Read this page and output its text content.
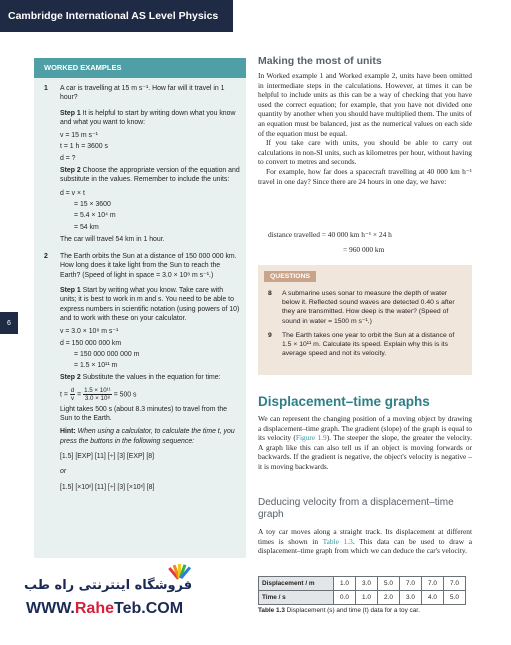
Cambridge International AS Level Physics
6
WORKED EXAMPLES
1 A car is travelling at 15 m s⁻¹. How far will it travel in 1 hour?
Step 1 It is helpful to start by writing down what you know and what you want to know:
v = 15 m s⁻¹
t = 1 h = 3600 s
d = ?
Step 2 Choose the appropriate version of the equation and substitute in the values. Remember to include the units:
d = v × t
= 15 × 3600
= 5.4 × 10⁴ m
= 54 km
The car will travel 54 km in 1 hour.
2 The Earth orbits the Sun at a distance of 150 000 000 km. How long does it take light from the Sun to reach the Earth? (Speed of light in space = 3.0 × 10⁸ m s⁻¹.)
Step 1 Start by writing what you know. Take care with units; it is best to work in m and s. You need to be able to express numbers in scientific notation (using powers of 10) and to work with these on your calculator.
v = 3.0 × 10⁸ m s⁻¹
d = 150 000 000 km
= 150 000 000 000 m
= 1.5 × 10¹¹ m
Step 2 Substitute the values in the equation for time:
$t = \frac{d}{v} = \frac{\text{1.5 × 10¹¹}}{\text{3.0 × 10⁸}} = 500$ s
Light takes 500 s (about 8.3 minutes) to travel from the Sun to the Earth.
Hint: When using a calculator, to calculate the time t, you press the buttons in the following sequence:
[1.5] [EXP] [11] [÷] [3] [EXP] [8]
or
[1.5] [×10ˣ] [11] [÷] [3] [×10ˣ] [8]
Making the most of units

In Worked example 1 and Worked example 2, units have been omitted in intermediate steps in the calculations. However, at times it can be helpful to include units as this can be a way of checking that you have used the correct equation; for example, that you have not divided one quantity by another when you should have multiplied them. The units of an equation must be balanced, just as the numerical values on each side of the equation must be equal.

If you take care with units, you should be able to carry out calculations in non-SI units, such as kilometres per hour, without having to convert to metres and seconds.

For example, how far does a spacecraft travelling at 40 000 km h⁻¹ travel in one day? Since there are 24 hours in one day, we have:

distance travelled = 40 000 km h⁻¹ × 24 h
= 960 000 km
QUESTIONS
8 A submarine uses sonar to measure the depth of water below it. Reflected sound waves are detected 0.40 s after they are transmitted. How deep is the water? (Speed of sound in water = 1500 m s⁻¹.)
9 The Earth takes one year to orbit the Sun at a distance of 1.5 × 10¹¹ m. Calculate its speed. Explain why this is its average speed and not its velocity.
Displacement–time graphs

We can represent the changing position of a moving object by drawing a displacement–time graph. The gradient (slope) of the graph is equal to its velocity (Figure 1.9). The steeper the slope, the greater the velocity. A graph like this can also tell us if an object is moving forwards or backwards. If the gradient is negative, the object's velocity is negative – it is moving backwards.

Deducing velocity from a displacement–time graph

A toy car moves along a straight track. Its displacement at different times is shown in Table 1.3. This data can be used to draw a displacement–time graph from which we can deduce the car's velocity.

Displacement / m	1.0	3.0	5.0	7.0	7.0	7.0
Time / s	0.0	1.0	2.0	3.0	4.0	5.0
Table 1.3 Displacement (s) and time (t) data for a toy car.
فروشگاه اینترنتی راه طب
WWW.RaheTeb.COM
